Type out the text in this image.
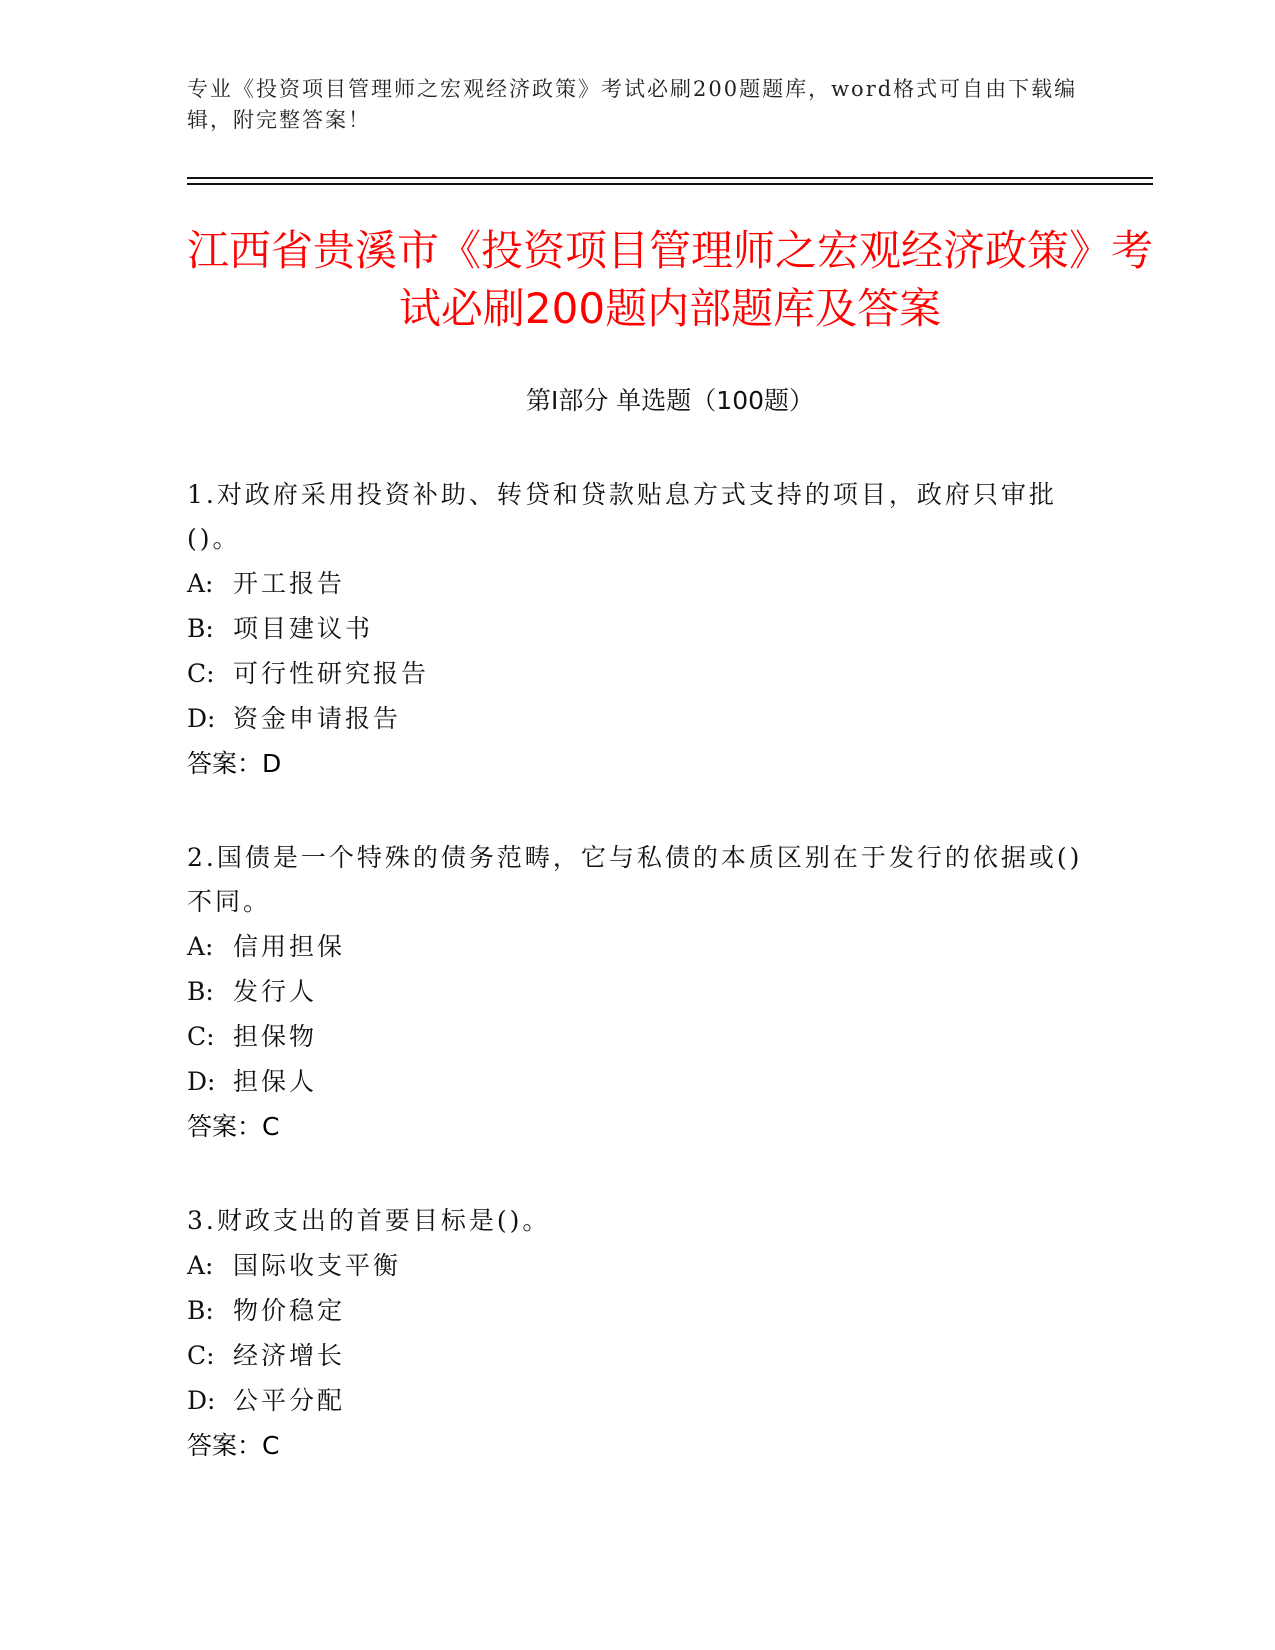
专业《投资项目管理师之宏观经济政策》考试必刷200题题库，word格式可自由下载编辑，附完整答案！
江西省贵溪市《投资项目管理师之宏观经济政策》考试必刷200题内部题库及答案
第Ⅰ部分 单选题（100题）
1.对政府采用投资补助、转贷和贷款贴息方式支持的项目，政府只审批()。
A: 开工报告
B: 项目建议书
C: 可行性研究报告
D: 资金申请报告
答案：D
2.国债是一个特殊的债务范畴，它与私债的本质区别在于发行的依据或()不同。
A: 信用担保
B: 发行人
C: 担保物
D: 担保人
答案：C
3.财政支出的首要目标是()。
A: 国际收支平衡
B: 物价稳定
C: 经济增长
D: 公平分配
答案：C
